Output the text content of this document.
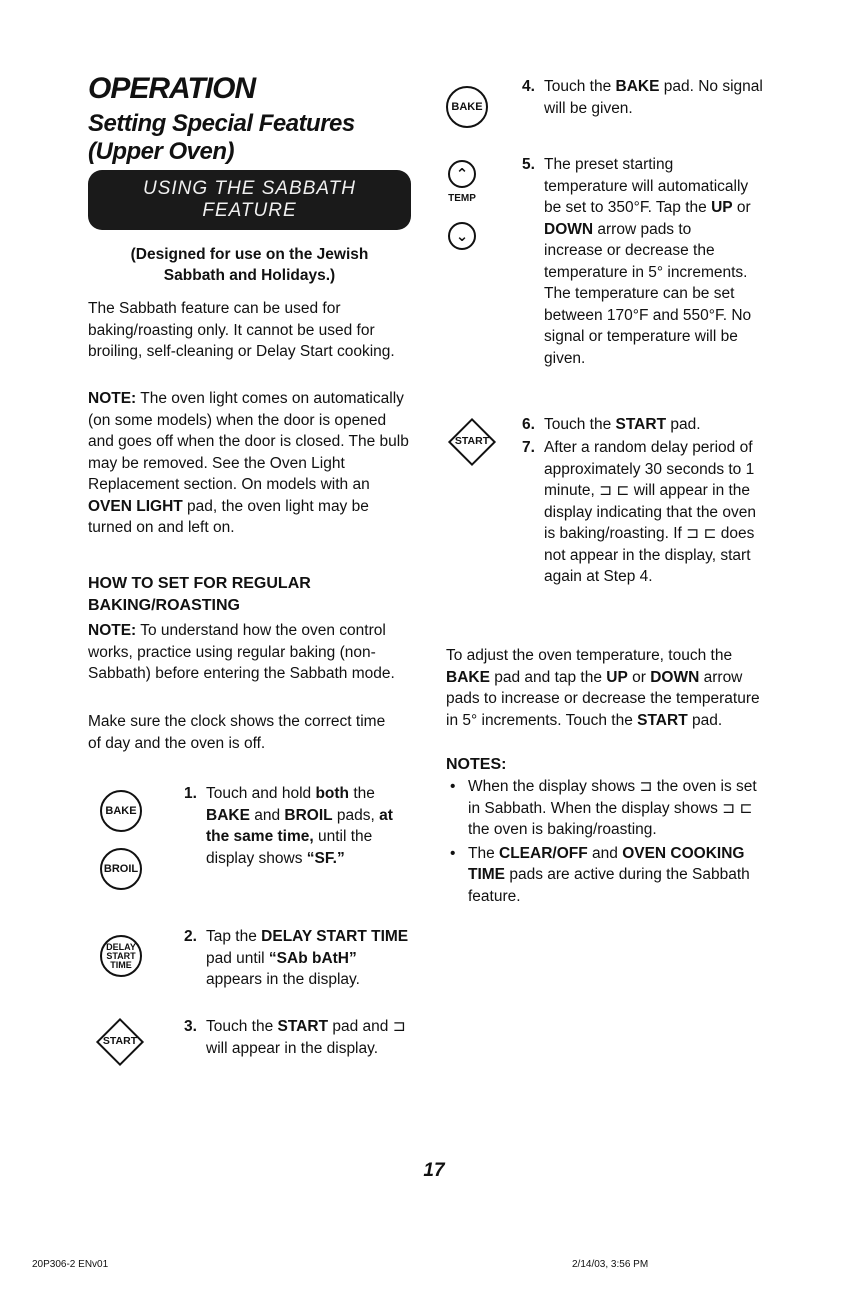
OPERATION
Setting Special Features
(Upper Oven)
USING THE SABBATH
FEATURE
(Designed for use on the Jewish
Sabbath and Holidays.)
The Sabbath feature can be used for baking/roasting only. It cannot be used for broiling, self-cleaning or Delay Start cooking.
NOTE: The oven light comes on automatically (on some models) when the door is opened and goes off when the door is closed. The bulb may be removed. See the Oven Light Replacement section. On models with an OVEN LIGHT pad, the oven light may be turned on and left on.
HOW TO SET FOR REGULAR
BAKING/ROASTING
NOTE: To understand how the oven control works, practice using regular baking (non-Sabbath) before entering the Sabbath mode.
Make sure the clock shows the correct time of day and the oven is off.
BAKE
BROIL
DELAY
START
TIME
START
1. Touch and hold both the BAKE and BROIL pads, at the same time, until the display shows “SF.”
2. Tap the DELAY START TIME pad until “SAb bAtH” appears in the display.
3. Touch the START pad and ⊐ will appear in the display.
BAKE
⌃
TEMP
⌄
START
4. Touch the BAKE pad. No signal will be given.
5. The preset starting temperature will automatically be set to 350°F. Tap the UP or DOWN arrow pads to increase or decrease the temperature in 5° increments. The temperature can be set between 170°F and 550°F. No signal or temperature will be given.
6. Touch the START pad.
7. After a random delay period of approximately 30 seconds to 1 minute, ⊐ ⊏ will appear in the display indicating that the oven is baking/roasting. If ⊐ ⊏ does not appear in the display, start again at Step 4.
To adjust the oven temperature, touch the BAKE pad and tap the UP or DOWN arrow pads to increase or decrease the temperature in 5° increments. Touch the START pad.
NOTES:
• When the display shows ⊐ the oven is set in Sabbath. When the display shows ⊐ ⊏ the oven is baking/roasting.
• The CLEAR/OFF and OVEN COOKING TIME pads are active during the Sabbath feature.
17
20P306-2 ENv01	2/14/03, 3:56 PM
